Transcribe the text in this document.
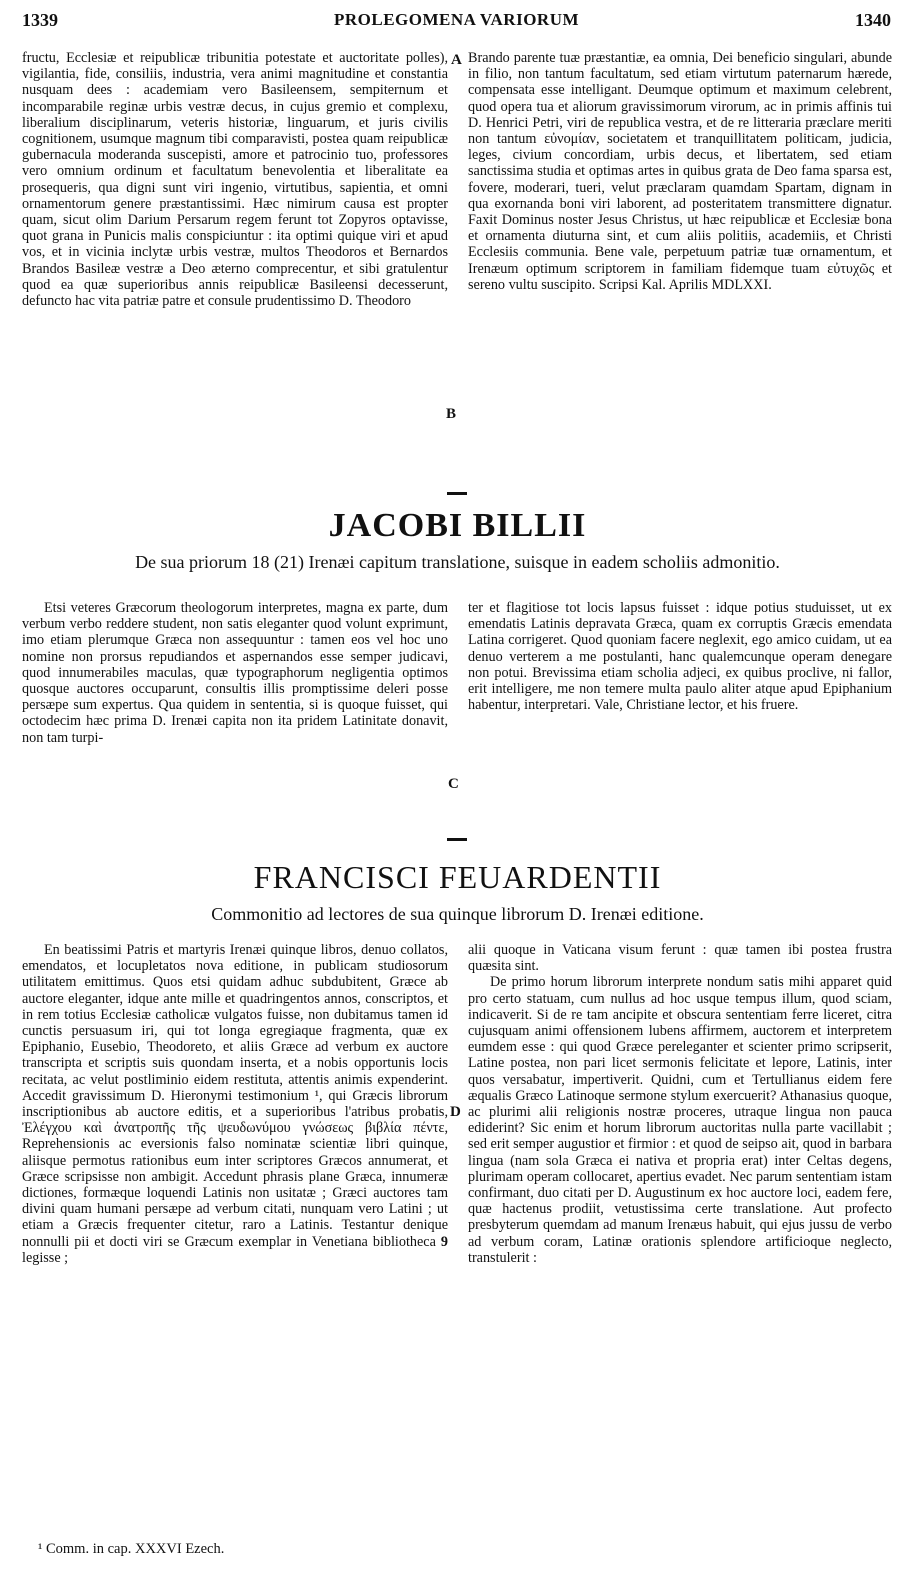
1339	PROLEGOMENA VARIORUM	1340

fructu, Ecclesiæ et reipublicæ tribunitia potestate et auctoritate polles), vigilantia, fide, consiliis, industria, vera animi magnitudine et constantia nusquam dees : academiam vero Basileensem, sempiternum et incomparabile reginæ urbis vestræ decus, in cujus gremio et complexu, liberalium disciplinarum, veteris historiæ, linguarum, et juris civilis cognitionem, usumque magnum tibi comparavisti, postea quam reipublicæ gubernacula moderanda suscepisti, amore et patrocinio tuo, professores vero omnium ordinum et facultatum benevolentia et liberalitate ea prosequeris, qua digni sunt viri ingenio, virtutibus, sapientia, et omni ornamentorum genere præstantissimi. Hæc nimirum causa est propter quam, sicut olim Darium Persarum regem ferunt tot Zopyros optavisse, quot grana in Punicis malis conspiciuntur : ita optimi quique viri et apud vos, et in vicinia inclytæ urbis vestræ, multos Theodoros et Bernardos Brandos Basileæ vestræ a Deo æterno comprecentur, et sibi gratulentur quod ea quæ superioribus annis reipublicæ Basileensi decesserunt, defuncto hac vita patriæ patre et consule prudentissimo D. Theodoro

Brando parente tuæ præstantiæ, ea omnia, Dei beneficio singulari, abunde in filio, non tantum facultatum, sed etiam virtutum paternarum hærede, compensata esse intelligant. Deumque optimum et maximum celebrent, quod opera tua et aliorum gravissimorum virorum, ac in primis affinis tui D. Henrici Petri, viri de republica vestra, et de re litteraria præclare meriti non tantum εὐνομίαν, societatem et tranquillitatem politicam, judicia, leges, civium concordiam, urbis decus, et libertatem, sed etiam sanctissima studia et optimas artes in quibus grata de Deo fama sparsa est, fovere, moderari, tueri, velut præclaram quamdam Spartam, dignam in qua exornanda boni viri laborent, ad posteritatem transmittere dignatur. Faxit Dominus noster Jesus Christus, ut hæc reipublicæ et Ecclesiæ bona et ornamenta diuturna sint, et cum aliis politiis, academiis, et Christi Ecclesiis communia. Bene vale, perpetuum patriæ tuæ ornamentum, et Irenæum optimum scriptorem in familiam fidemque tuam εὐτυχῶς et sereno vultu suscipito. Scripsi Kal. Aprilis MDLXXI.

A
B
JACOBI BILLII
De sua priorum 18 (21) Irenæi capitum translatione, suisque in eadem scholiis admonitio.

Etsi veteres Græcorum theologorum interpretes, magna ex parte, dum verbum verbo reddere student, non satis eleganter quod volunt exprimunt, imo etiam plerumque Græca non assequuntur : tamen eos vel hoc uno nomine non prorsus repudiandos et aspernandos esse semper judicavi, quod innumerabiles maculas, quæ typographorum negligentia optimos quosque auctores occuparunt, consultis illis promptissime deleri posse persæpe sum expertus. Qua quidem in sententia, si is quoque fuisset, qui octodecim hæc prima D. Irenæi capita non ita pridem Latinitate donavit, non tam turpi-

ter et flagitiose tot locis lapsus fuisset : idque potius studuisset, ut ex emendatis Latinis depravata Græca, quam ex corruptis Græcis emendata Latina corrigeret. Quod quoniam facere neglexit, ego amico cuidam, ut ea denuo verterem a me postulanti, hanc qualemcunque operam denegare non potui. Brevissima etiam scholia adjeci, ex quibus proclive, ni fallor, erit intelligere, me non temere multa paulo aliter atque apud Epiphanium habentur, interpretari. Vale, Christiane lector, et his fruere.

C
FRANCISCI FEUARDENTII
Commonitio ad lectores de sua quinque librorum D. Irenæi editione.

En beatissimi Patris et martyris Irenæi quinque libros, denuo collatos, emendatos, et locupletatos nova editione, in publicam studiosorum utilitatem emittimus. Quos etsi quidam adhuc subdubitent, Græce ab auctore eleganter, idque ante mille et quadringentos annos, conscriptos, et in rem totius Ecclesiæ catholicæ vulgatos fuisse, non dubitamus tamen id cunctis persuasum iri, qui tot longa egregiaque fragmenta, quæ ex Epiphanio, Eusebio, Theodoreto, et aliis Græce ad verbum ex auctore transcripta et scriptis suis quondam inserta, et a nobis opportunis locis recitata, ac velut postliminio eidem restituta, attentis animis expenderint. Accedit gravissimum D. Hieronymi testimonium ¹, qui Græcis librorum inscriptionibus ab auctore editis, et a superioribus l'atribus probatis, Ἐλέγχου καὶ ἀνατροπῆς τῆς ψευδωνύμου γνώσεως βιβλία πέντε, Reprehensionis ac eversionis falso nominatæ scientiæ libri quinque, aliisque permotus rationibus eum inter scriptores Græcos annumerat, et Græce scripsisse non ambigit. Accedunt phrasis plane Græca, innumeræ dictiones, formæque loquendi Latinis non usitatæ ; Græci auctores tam divini quam humani persæpe ad verbum citati, nunquam vero Latini ; ut etiam a Græcis frequenter citetur, raro a Latinis. Testantur denique nonnulli pii et docti viri se Græcum exemplar in Venetiana bibliotheca 9 legisse ;

alii quoque in Vaticana visum ferunt : quæ tamen ibi postea frustra quæsita sint.

De primo horum librorum interprete nondum satis mihi apparet quid pro certo statuam, cum nullus ad hoc usque tempus illum, quod sciam, indicaverit. Si de re tam ancipite et obscura sententiam ferre liceret, citra cujusquam animi offensionem lubens affirmem, auctorem et interpretem eumdem esse : qui quod Græce pereleganter et scienter primo scripserit, Latine postea, non pari licet sermonis felicitate et lepore, Latinis, inter quos versabatur, impertiverit. Quidni, cum et Tertullianus eidem fere æqualis Græco Latinoque sermone stylum exercuerit? Athanasius quoque, ac plurimi alii religionis nostræ proceres, utraque lingua non pauca ediderint? Sic enim et horum librorum auctoritas nulla parte vacillabit ; sed erit semper augustior et firmior : et quod de seipso ait, quod in barbara lingua (nam sola Græca ei nativa et propria erat) inter Celtas degens, plurimam operam collocaret, apertius evadet. Nec parum sententiam istam confirmant, duo citati per D. Augustinum ex hoc auctore loci, eadem fere, quæ hactenus prodiit, vetustissima certe translatione. Aut profecto presbyterum quemdam ad manum Irenæus habuit, qui ejus jussu de verbo ad verbum coram, Latinæ orationis splendore artificioque neglecto, transtulerit :

D
¹ Comm. in cap. XXXVI Ezech.
